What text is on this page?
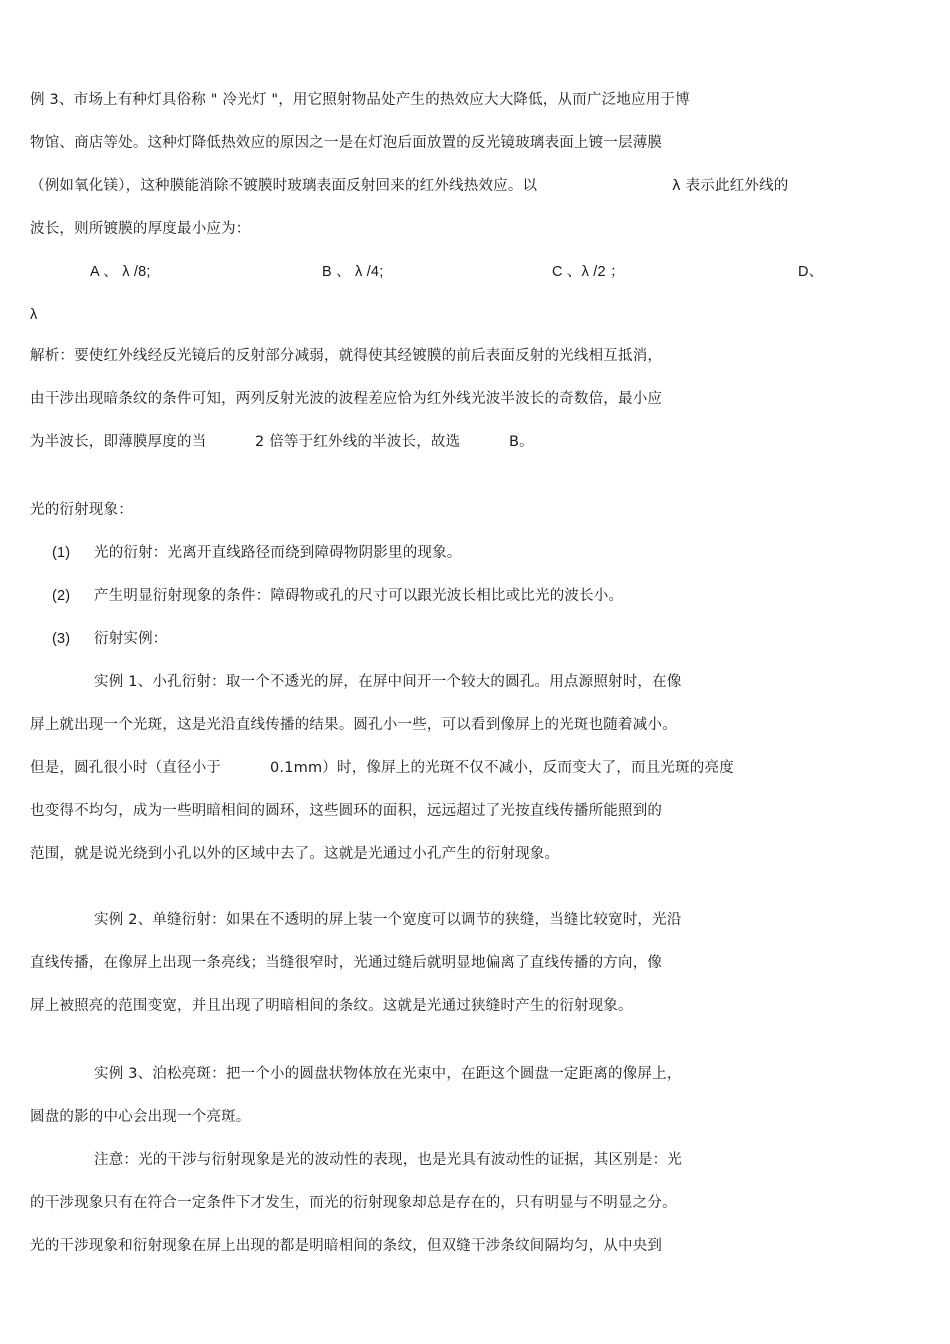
例 3、市场上有种灯具俗称 " 冷光灯 "，用它照射物品处产生的热效应大大降低，从而广泛地应用于博
物馆、商店等处。这种灯降低热效应的原因之一是在灯泡后面放置的反光镜玻璃表面上镀一层薄膜
（例如氧化镁），这种膜能消除不镀膜时玻璃表面反射回来的红外线热效应。以	λ 表示此红外线的
波长，则所镀膜的厚度最小应为：
A 、 λ /8;	B 、 λ /4;	C 、λ /2 ；	D、
λ
解析：要使红外线经反光镜后的反射部分减弱，就得使其经镀膜的前后表面反射的光线相互抵消，
由干涉出现暗条纹的条件可知，两列反射光波的波程差应恰为红外线光波半波长的奇数倍，最小应
为半波长，即薄膜厚度的当	2 倍等于红外线的半波长，故选	B。
光的衍射现象：
(1) 光的衍射：光离开直线路径而绕到障碍物阴影里的现象。
(2) 产生明显衍射现象的条件：障碍物或孔的尺寸可以跟光波长相比或比光的波长小。
(3) 衍射实例：
实例 1、小孔衍射：取一个不透光的屏，在屏中间开一个较大的圆孔。用点源照射时，在像
屏上就出现一个光斑，这是光沿直线传播的结果。圆孔小一些，可以看到像屏上的光斑也随着减小。
但是，圆孔很小时（直径小于	0.1mm）时，像屏上的光斑不仅不减小，反而变大了，而且光斑的亮度
也变得不均匀，成为一些明暗相间的圆环，这些圆环的面积，远远超过了光按直线传播所能照到的
范围，就是说光绕到小孔以外的区域中去了。这就是光通过小孔产生的衍射现象。
实例 2、单缝衍射：如果在不透明的屏上装一个宽度可以调节的狭缝，当缝比较宽时，光沿
直线传播，在像屏上出现一条亮线；当缝很窄时，光通过缝后就明显地偏离了直线传播的方向，像
屏上被照亮的范围变宽，并且出现了明暗相间的条纹。这就是光通过狭缝时产生的衍射现象。
实例 3、泊松亮斑：把一个小的圆盘状物体放在光束中，在距这个圆盘一定距离的像屏上，
圆盘的影的中心会出现一个亮斑。
注意：光的干涉与衍射现象是光的波动性的表现，也是光具有波动性的证据，其区别是：光
的干涉现象只有在符合一定条件下才发生，而光的衍射现象却总是存在的，只有明显与不明显之分。
光的干涉现象和衍射现象在屏上出现的都是明暗相间的条纹，但双缝干涉条纹间隔均匀，从中央到
